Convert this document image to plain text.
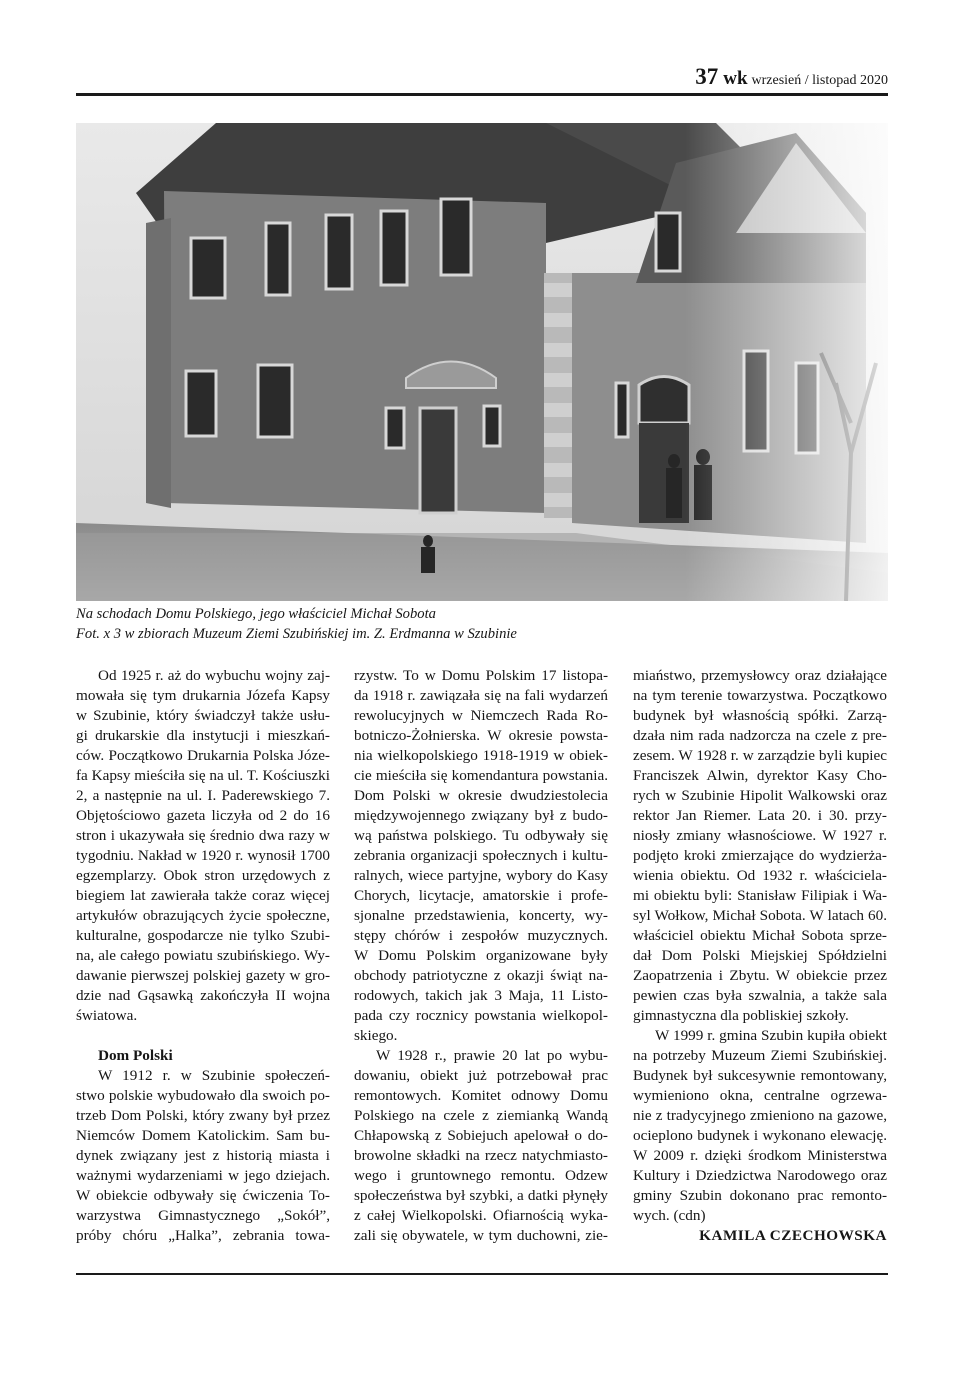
37 wk wrzesień / listopad 2020
Na schodach Domu Polskiego, jego właściciel Michał Sobota
Fot. x 3 w zbiorach Muzeum Ziemi Szubińskiej im. Z. Erdmanna w Szubinie
Od 1925 r. aż do wybuchu wojny zaj-
mowała się tym drukarnia Józefa Kapsy
w Szubinie, który świadczył także usłu-
gi drukarskie dla instytucji i mieszkań-
ców. Początkowo Drukarnia Polska Józe-
fa Kapsy mieściła się na ul. T. Kościuszki
2, a następnie na ul. I. Paderewskiego 7.
Objętościowo gazeta liczyła od 2 do 16
stron i ukazywała się średnio dwa razy w
tygodniu. Nakład w 1920 r. wynosił 1700
egzemplarzy. Obok stron urzędowych z
biegiem lat zawierała także coraz więcej
artykułów obrazujących życie społeczne,
kulturalne, gospodarcze nie tylko Szubi-
na, ale całego powiatu szubińskiego. Wy-
dawanie pierwszej polskiej gazety w gro-
dzie nad Gąsawką zakończyła II wojna
światowa.
Dom Polski
W 1912 r. w Szubinie społeczeń-
stwo polskie wybudowało dla swoich po-
trzeb Dom Polski, który zwany był przez
Niemców Domem Katolickim. Sam bu-
dynek związany jest z historią miasta i
ważnymi wydarzeniami w jego dziejach.
W obiekcie odbywały się ćwiczenia To-
warzystwa Gimnastycznego „Sokół”,
próby chóru „Halka”, zebrania towa-
rzystw. To w Domu Polskim 17 listopa-
da 1918 r. zawiązała się na fali wydarzeń
rewolucyjnych w Niemczech Rada Ro-
botniczo-Żołnierska. W okresie powsta-
nia wielkopolskiego 1918-1919 w obiek-
cie mieściła się komendantura powstania.
Dom Polski w okresie dwudziestolecia
międzywojennego związany był z budo-
wą państwa polskiego. Tu odbywały się
zebrania organizacji społecznych i kultu-
ralnych, wiece partyjne, wybory do Kasy
Chorych, licytacje, amatorskie i profe-
sjonalne przedstawienia, koncerty, wy-
stępy chórów i zespołów muzycznych.
W Domu Polskim organizowane były
obchody patriotyczne z okazji świąt na-
rodowych, takich jak 3 Maja, 11 Listo-
pada czy rocznicy powstania wielkopol-
skiego.
W 1928 r., prawie 20 lat po wybu-
dowaniu, obiekt już potrzebował prac
remontowych. Komitet odnowy Domu
Polskiego na czele z ziemianką Wandą
Chłapowską z Sobiejuch apelował o do-
browolne składki na rzecz natychmiasto-
wego i gruntownego remontu. Odzew
społeczeństwa był szybki, a datki płynęły
z całej Wielkopolski. Ofiarnością wyka-
zali się obywatele, w tym duchowni, zie-
miaństwo, przemysłowcy oraz działające
na tym terenie towarzystwa. Początkowo
budynek był własnością spółki. Zarzą-
dzała nim rada nadzorcza na czele z pre-
zesem. W 1928 r. w zarządzie byli kupiec
Franciszek Alwin, dyrektor Kasy Cho-
rych w Szubinie Hipolit Walkowski oraz
rektor Jan Riemer. Lata 20. i 30. przy-
niosły zmiany własnościowe. W 1927 r.
podjęto kroki zmierzające do wydzierża-
wienia obiektu. Od 1932 r. właściciela-
mi obiektu byli: Stanisław Filipiak i Wa-
syl Wołkow, Michał Sobota. W latach 60.
właściciel obiektu Michał Sobota sprze-
dał Dom Polski Miejskiej Spółdzielni
Zaopatrzenia i Zbytu. W obiekcie przez
pewien czas była szwalnia, a także sala
gimnastyczna dla pobliskiej szkoły.
W 1999 r. gmina Szubin kupiła obiekt
na potrzeby Muzeum Ziemi Szubińskiej.
Budynek był sukcesywnie remontowany,
wymieniono okna, centralne ogrzewa-
nie z tradycyjnego zmieniono na gazowe,
ocieplono budynek i wykonano elewację.
W 2009 r. dzięki środkom Ministerstwa
Kultury i Dziedzictwa Narodowego oraz
gminy Szubin dokonano prac remonto-
wych. (cdn)
KAMILA CZECHOWSKA
